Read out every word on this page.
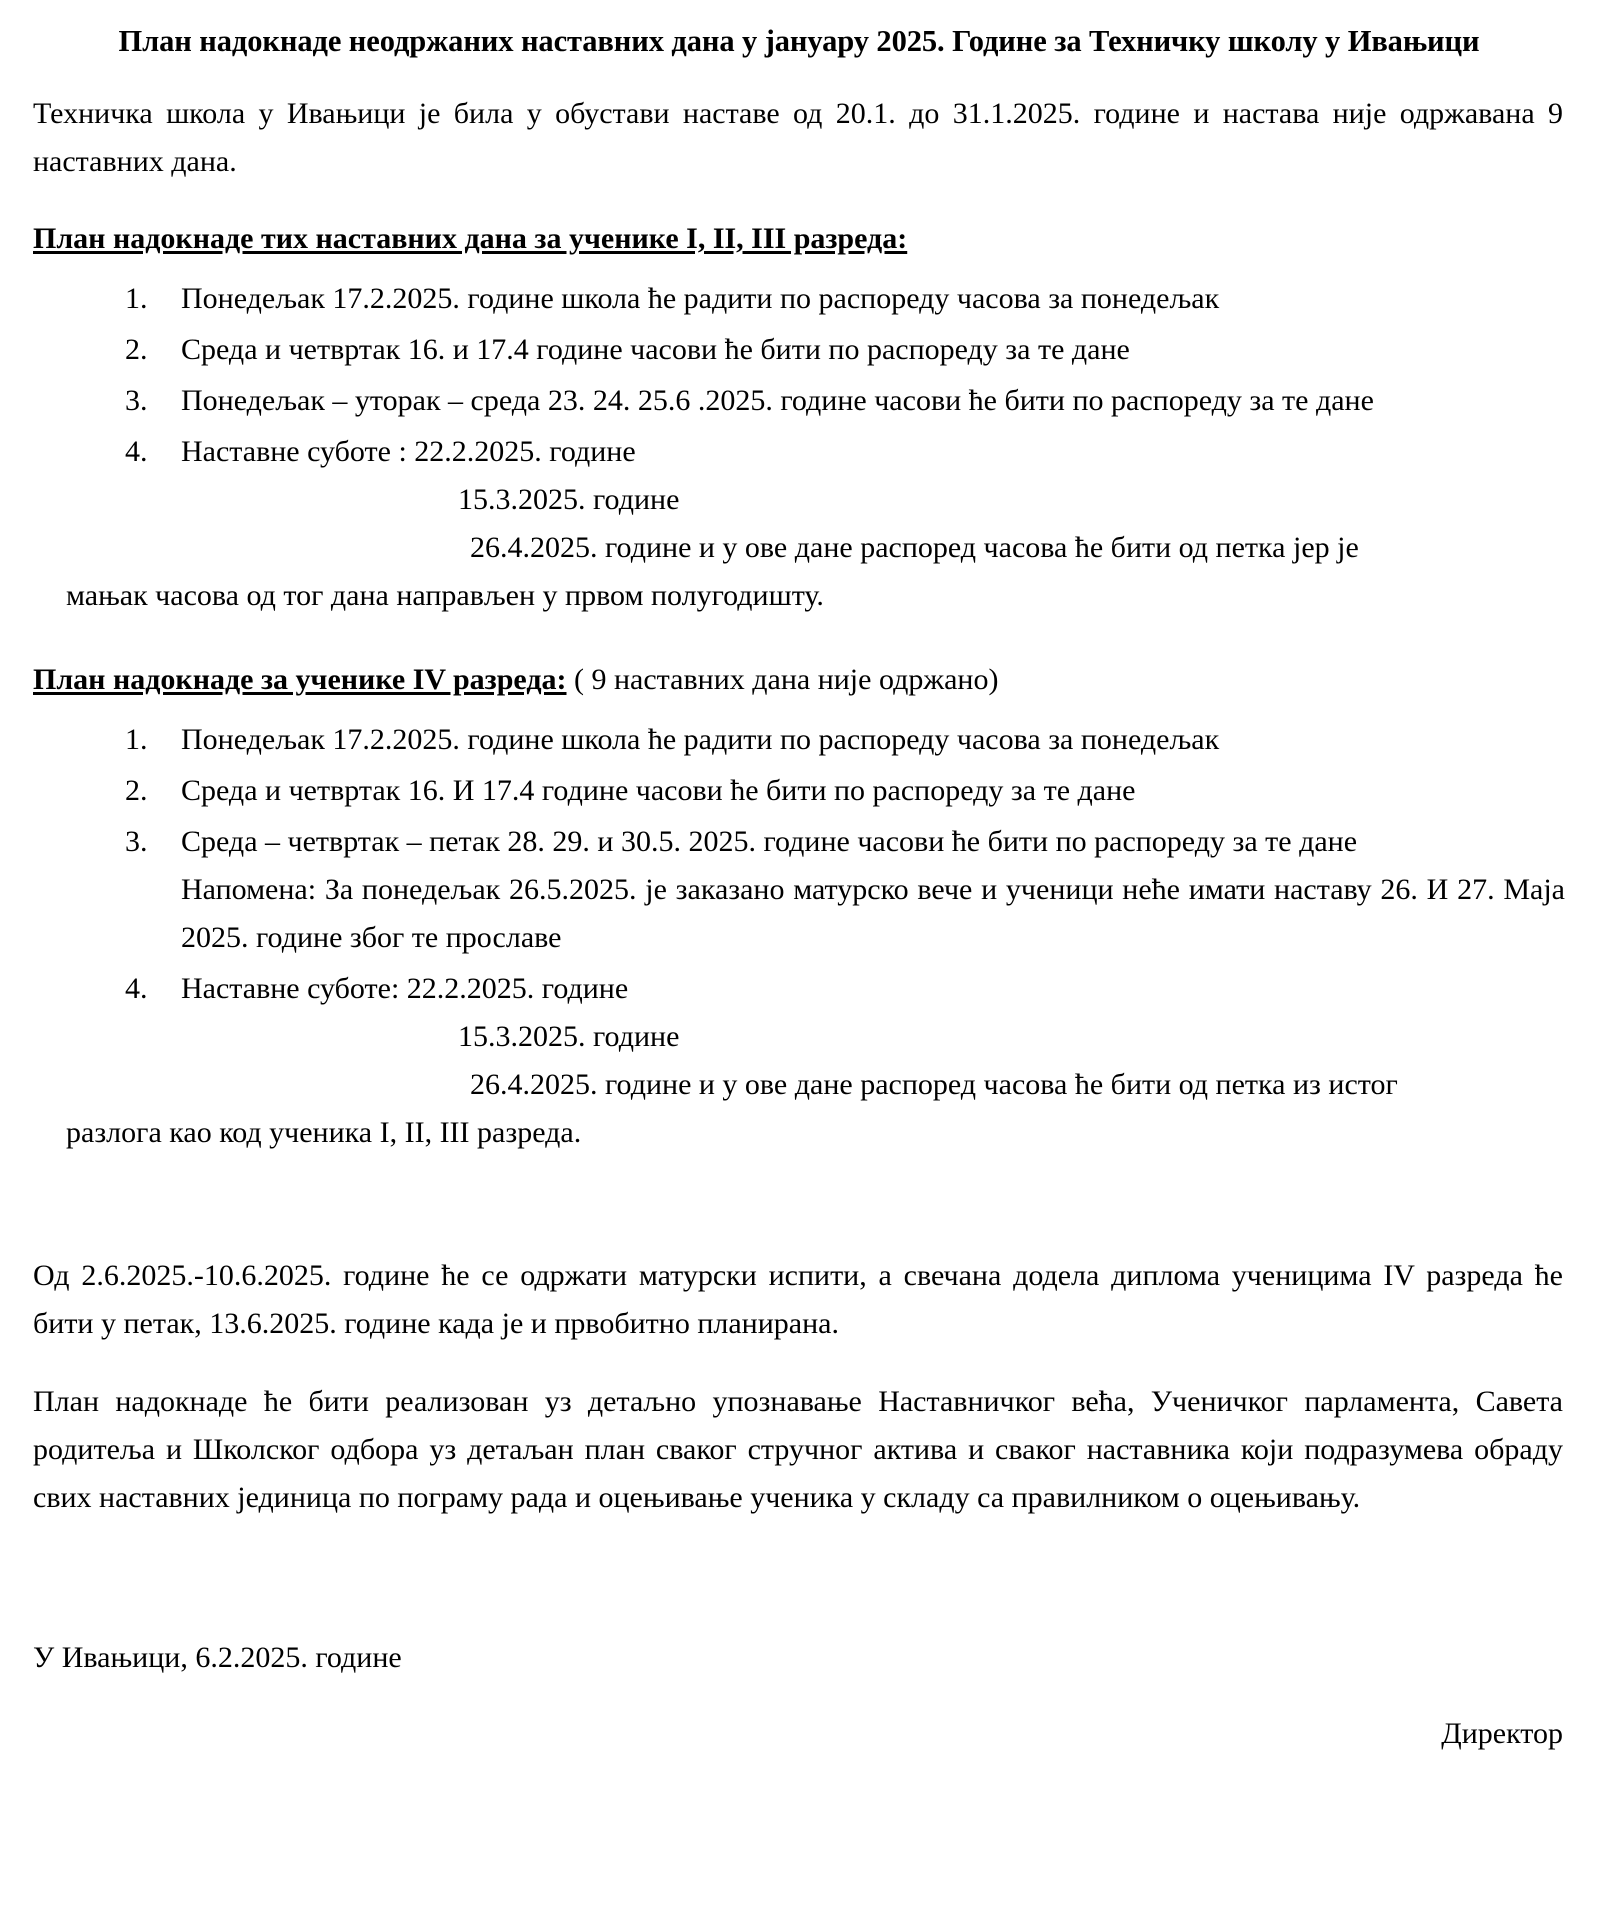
План надокнаде неодржаних наставних дана у јануару 2025. Године за Техничку школу у Ивањици

Техничка школа у Ивањици је била у обустави наставе од 20.1. до 31.1.2025. године и настава није одржавана 9 наставних дана.

План надокнаде тих наставних дана за ученике I, II, III разреда:

1.	Понедељак 17.2.2025. године школа ће радити по распореду часова за понедељак
2.	Среда и четвртак 16. и 17.4 године часови ће бити по распореду за те дане
3.	Понедељак – уторак – среда 23. 24. 25.6 .2025. године часови ће бити по распореду за те дане
4.	Наставне суботе : 22.2.2025. године
15.3.2025. године
26.4.2025. године и у ове дане распоред часова ће бити од петка јер је
мањак часова од тог дана направљен у првом полугодишту.

План надокнаде за ученике IV разреда: ( 9 наставних дана није одржано)

1.	Понедељак 17.2.2025. године школа ће радити по распореду часова за понедељак
2.	Среда и четвртак 16. И 17.4 године часови ће бити по распореду за те дане
3.	Среда – четвртак – петак 28. 29. и 30.5. 2025. године часови ће бити по распореду за те дане
Напомена: За понедељак 26.5.2025. је заказано матурско вече и ученици неће имати наставу 26. И 27. Маја 2025. године због те прославе
4.	Наставне суботе: 22.2.2025. године
15.3.2025. године
26.4.2025. године и у ове дане распоред часова ће бити од петка из истог
разлога као код ученика I, II, III разреда.

Од 2.6.2025.-10.6.2025. године ће се одржати матурски испити, а свечана додела диплома ученицима IV разреда ће бити у петак, 13.6.2025. године када је и првобитно планирана.

План надокнаде ће бити реализован уз детаљно упознавање Наставничког већа, Ученичког парламента, Савета родитеља и Школског одбора уз детаљан план сваког стручног актива и сваког наставника који подразумева обраду свих наставних јединица по пограму рада и оцењивање ученика у складу са правилником о оцењивању.

У Ивањици, 6.2.2025. године
Директор
